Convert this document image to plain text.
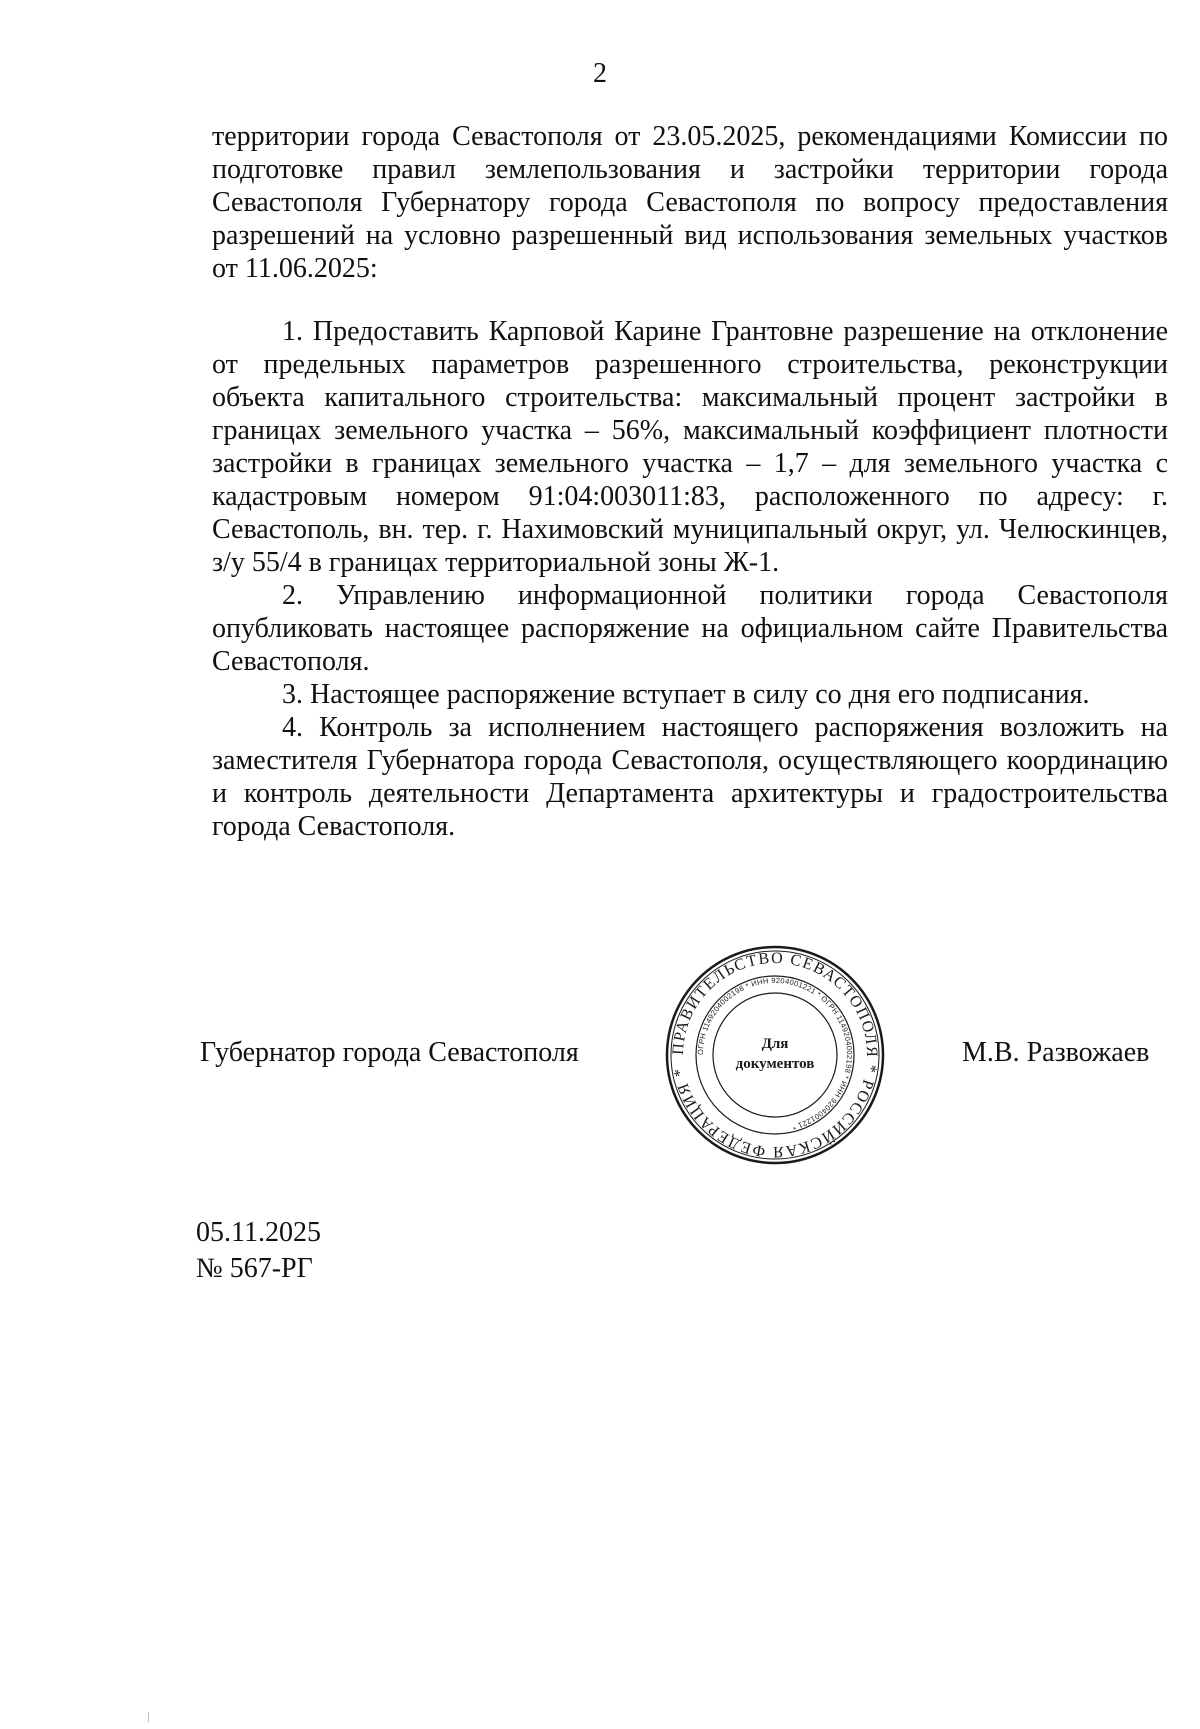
2

территории города Севастополя от 23.05.2025, рекомендациями Комиссии по подготовке правил землепользования и застройки территории города Севастополя Губернатору города Севастополя по вопросу предоставления разрешений на условно разрешенный вид использования земельных участков от 11.06.2025:

1. Предоставить Карповой Карине Грантовне разрешение на отклонение от предельных параметров разрешенного строительства, реконструкции объекта капитального строительства: максимальный процент застройки в границах земельного участка – 56%, максимальный коэффициент плотности застройки в границах земельного участка – 1,7 – для земельного участка с кадастровым номером 91:04:003011:83, расположенного по адресу: г. Севастополь, вн. тер. г. Нахимовский муниципальный округ, ул. Челюскинцев, з/у 55/4 в границах территориальной зоны Ж-1.

2. Управлению информационной политики города Севастополя опубликовать настоящее распоряжение на официальном сайте Правительства Севастополя.

3. Настоящее распоряжение вступает в силу со дня его подписания.

4. Контроль за исполнением настоящего распоряжения возложить на заместителя Губернатора города Севастополя, осуществляющего координацию и контроль деятельности Департамента архитектуры и градостроительства города Севастополя.

Губернатор города Севастополя	ПРАВИТЕЛЬСТВО СЕВАСТОПОЛЯ * РОССИЙСКАЯ ФЕДЕРАЦИЯ *
ОГРН 1149204002198 * ИНН 9204001221 * ОГРН 1149204002198 * ИНН 9204001221 *
Для
документов	М.В. Развожаев
05.11.2025
№ 567-РГ
